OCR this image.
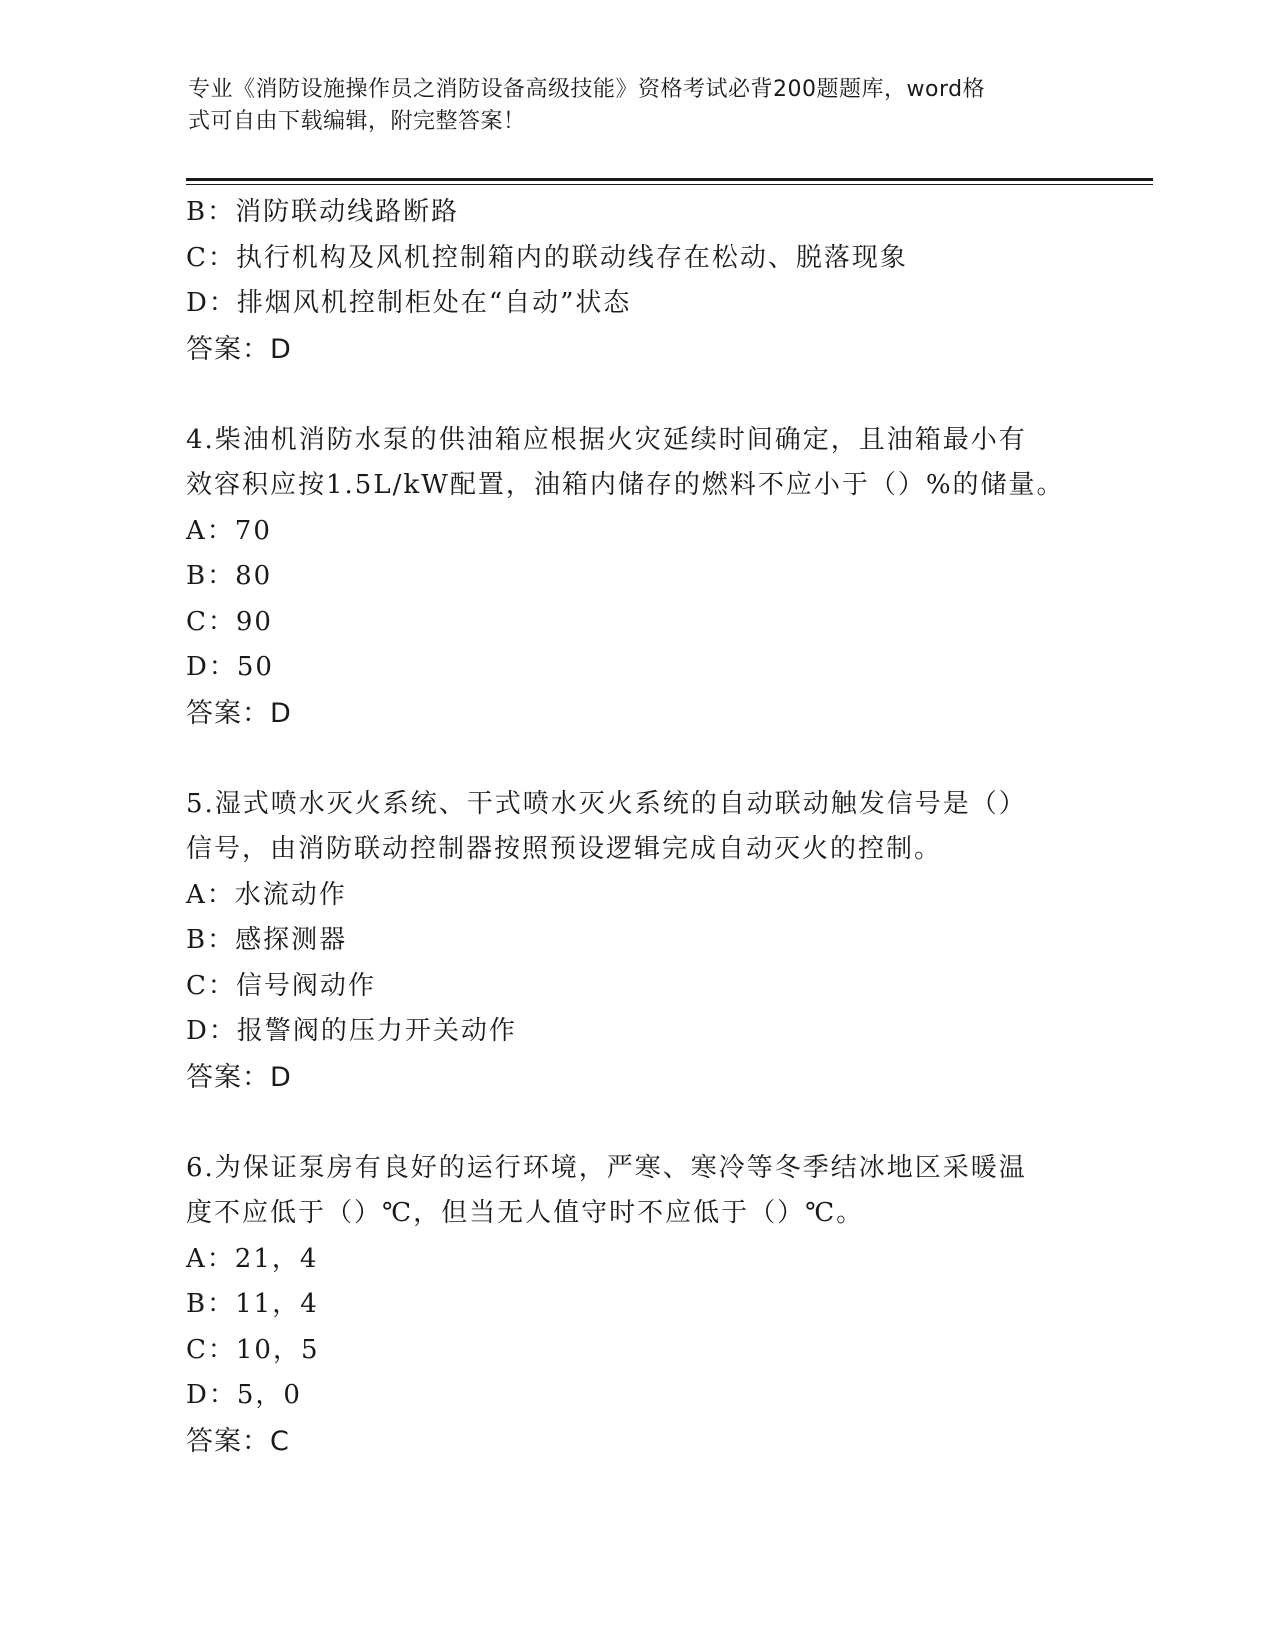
专业《消防设施操作员之消防设备高级技能》资格考试必背200题题库，word格
式可自由下载编辑，附完整答案！
B：消防联动线路断路
C：执行机构及风机控制箱内的联动线存在松动、脱落现象
D：排烟风机控制柜处在“自动”状态
答案：D
4.柴油机消防水泵的供油箱应根据火灾延续时间确定，且油箱最小有
效容积应按1.5L/kW配置，油箱内储存的燃料不应小于（）%的储量。
A：70
B：80
C：90
D：50
答案：D
5.湿式喷水灭火系统、干式喷水灭火系统的自动联动触发信号是（）
信号，由消防联动控制器按照预设逻辑完成自动灭火的控制。
A：水流动作
B：感探测器
C：信号阀动作
D：报警阀的压力开关动作
答案：D
6.为保证泵房有良好的运行环境，严寒、寒冷等冬季结冰地区采暖温
度不应低于（）℃，但当无人值守时不应低于（）℃。
A：21，4
B：11，4
C：10，5
D：5，0
答案：C
